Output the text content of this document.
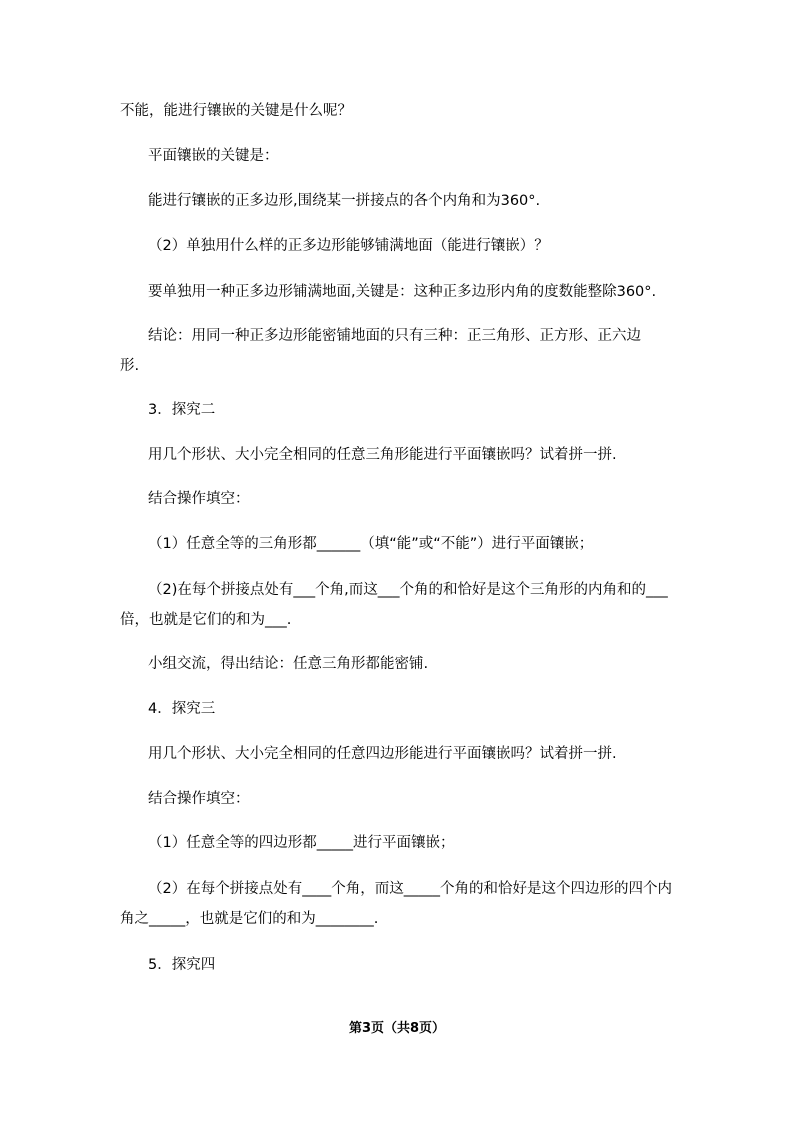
不能，能进行镶嵌的关键是什么呢？
平面镶嵌的关键是：
能进行镶嵌的正多边形,围绕某一拼接点的各个内角和为360°.
（2）单独用什么样的正多边形能够铺满地面（能进行镶嵌）？
要单独用一种正多边形铺满地面,关键是：这种正多边形内角的度数能整除360°.
结论：用同一种正多边形能密铺地面的只有三种：正三角形、正方形、正六边
形.
3．探究二
用几个形状、大小完全相同的任意三角形能进行平面镶嵌吗？试着拼一拼.
结合操作填空：
（1）任意全等的三角形都______（填“能”或“不能”）进行平面镶嵌；
（2)在每个拼接点处有___个角,而这___个角的和恰好是这个三角形的内角和的___
倍，也就是它们的和为___.
小组交流，得出结论：任意三角形都能密铺.
4．探究三
用几个形状、大小完全相同的任意四边形能进行平面镶嵌吗？试着拼一拼.
结合操作填空：
（1）任意全等的四边形都_____进行平面镶嵌；
（2）在每个拼接点处有____个角，而这_____个角的和恰好是这个四边形的四个内
角之_____，也就是它们的和为________.
5．探究四
第3页（共8页）
